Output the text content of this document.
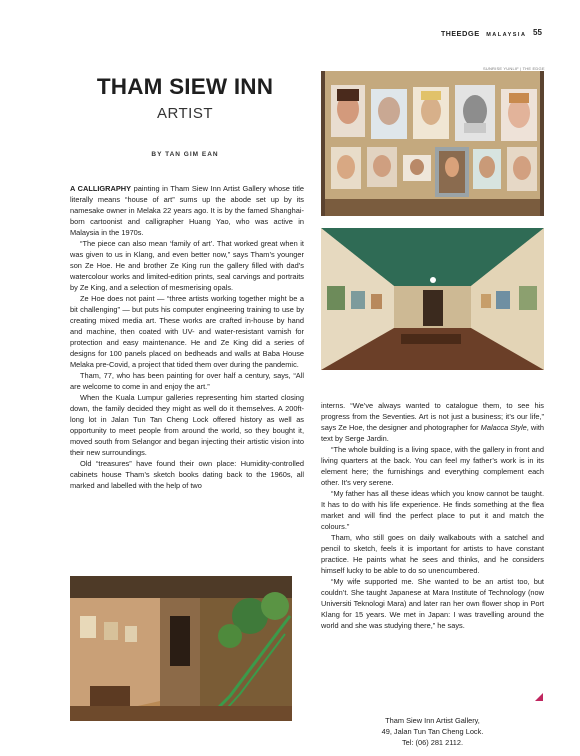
THEEDGE MALAYSIA 55
THAM SIEW INN
ARTIST
BY TAN GIM EAN

A CALLIGRAPHY painting in Tham Siew Inn Artist Gallery whose title literally means “house of art” sums up the abode set up by its namesake owner in Melaka 22 years ago. It is by the famed Shanghai-born cartoonist and calligrapher Huang Yao, who was active in Malaysia in the 1970s.

“The piece can also mean ‘family of art’. That worked great when it was given to us in Klang, and even better now,” says Tham’s younger son Ze Hoe. He and brother Ze King run the gallery filled with dad’s watercolour works and limited-edition prints, seal carvings and portraits by Ze King, and a selection of mesmerising opals.

Ze Hoe does not paint — “three artists working together might be a bit challenging” — but puts his computer engineering training to use by creating mixed media art. These works are crafted in-house by hand and machine, then coated with UV- and water-resistant varnish for protection and easy maintenance. He and Ze King did a series of designs for 100 panels placed on bedheads and walls at Baba House Melaka pre-Covid, a project that tided them over during the pandemic.

Tham, 77, who has been painting for over half a century, says, “All are welcome to come in and enjoy the art.”

When the Kuala Lumpur galleries representing him started closing down, the family decided they might as well do it themselves. A 200ft-long lot in Jalan Tun Tan Cheng Lock offered history as well as opportunity to meet people from around the world, so they bought it, moved south from Selangor and began injecting their artistic vision into their new surroundings.

Old “treasures” have found their own place: Humidity-controlled cabinets house Tham’s sketch books dating back to the 1960s, all marked and labelled with the help of two

interns. “We’ve always wanted to catalogue them, to see his progress from the Seventies. Art is not just a business; it’s our life,” says Ze Hoe, the designer and photographer for Malacca Style, with text by Serge Jardin.

“The whole building is a living space, with the gallery in front and living quarters at the back. You can feel my father’s work is in its element here; the furnishings and everything complement each other. It’s very serene.

“My father has all these ideas which you know cannot be taught. It has to do with his life experience. He finds something at the flea market and will find the perfect place to put it and match the colours.”

Tham, who still goes on daily walkabouts with a satchel and pencil to sketch, feels it is important for artists to have constant practice. He paints what he sees and thinks, and he considers himself lucky to be able to do so unencumbered.

“My wife supported me. She wanted to be an artist too, but couldn’t. She taught Japanese at Mara Institute of Technology (now Universiti Teknologi Mara) and later ran her own flower shop in Port Klang for 15 years. We met in Japan: I was travelling around the world and she was studying there,” he says.

Tham Siew Inn Artist Gallery,
49, Jalan Tun Tan Cheng Lock.
Tel: (06) 281 2112.
SUNRISE YUNLIF | THE EDGE
